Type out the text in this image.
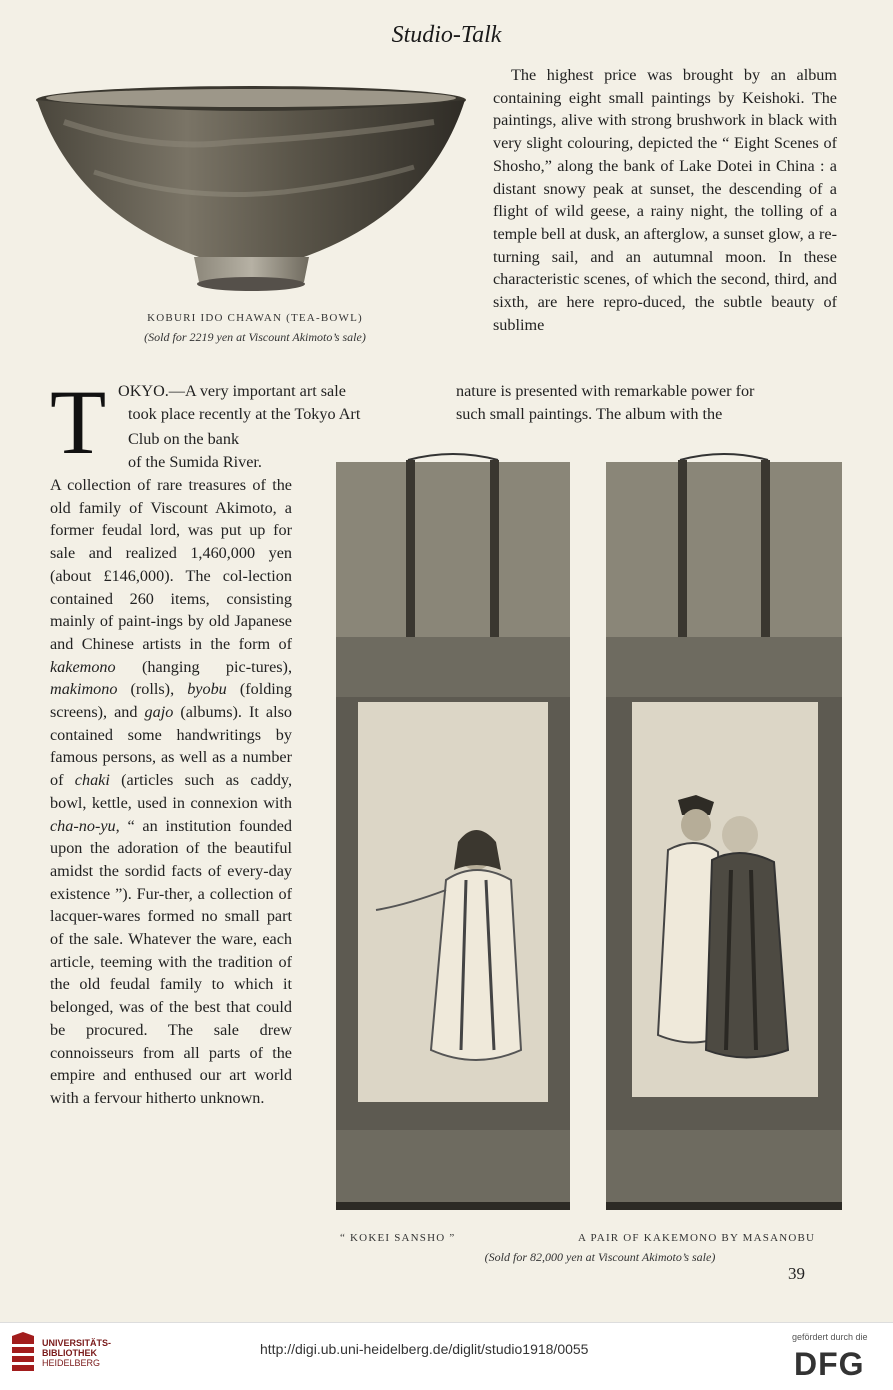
Studio-Talk
KOBURI IDO CHAWAN (TEA-BOWL)
(Sold for 2219 yen at Viscount Akimoto’s sale)

The highest price was brought by an album containing eight small paintings by Keishoki. The paintings, alive with strong brushwork in black with very slight colouring, depicted the “ Eight Scenes of Shosho,” along the bank of Lake Dotei in China : a distant snowy peak at sunset, the descending of a flight of wild geese, a rainy night, the tolling of a temple bell at dusk, an afterglow, a sunset glow, a re-turning sail, and an autumnal moon. In these characteristic scenes, of which the second, third, and sixth, are here repro-duced, the subtle beauty of sublime

T OKYO.—A very important art sale	nature is presented with remarkable power for
took place recently at the Tokyo Art	such small paintings. The album with the
Club on the bank
of the Sumida River.
A collection of rare treasures of the old family of Viscount Akimoto, a former feudal lord, was put up for sale and realized 1,460,000 yen (about £146,000). The col-lection contained 260 items, consisting mainly of paint-ings by old Japanese and Chinese artists in the form of kakemono (hanging pic-tures), makimono (rolls), byobu (folding screens), and gajo (albums). It also contained some handwritings by famous persons, as well as a number of chaki (articles such as caddy, bowl, kettle, used in connexion with cha-no-yu, “ an institution founded upon the adoration of the beautiful amidst the sordid facts of every-day existence ”). Fur-ther, a collection of lacquer-wares formed no small part of the sale. Whatever the ware, each article, teeming with the tradition of the old feudal family to which it belonged, was of the best that could be procured. The sale drew connoisseurs from all parts of the empire and enthused our art world with a fervour hitherto unknown.
“ KOKEI SANSHO ”	A PAIR OF KAKEMONO BY MASANOBU
(Sold for 82,000 yen at Viscount Akimoto’s sale)
39
UNIVERSITÄTS-
BIBLIOTHEK
HEIDELBERG
http://digi.ub.uni-heidelberg.de/diglit/studio1918/0055
gefördert durch die
DFG
